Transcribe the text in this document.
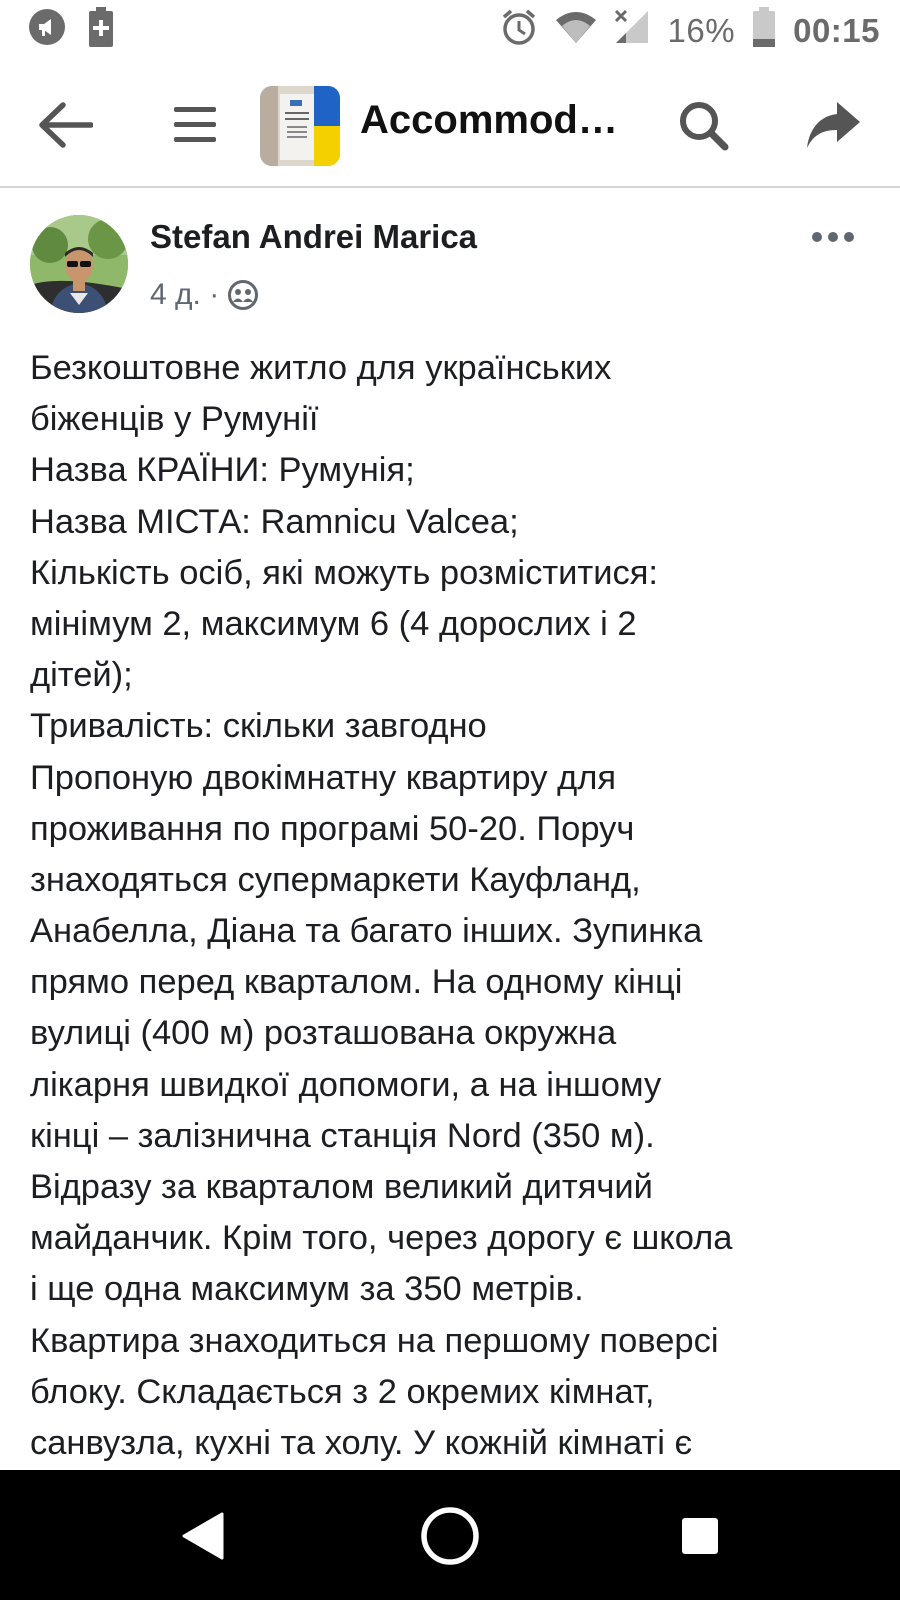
16% 00:15
Accommoda…
Stefan Andrei Marica
4 д. ·
Безкоштовне житло для українських
біженців у Румунії
Назва КРАЇНИ: Румунія;
Назва МІСТА: Ramnicu Valcea;
Кількість осіб, які можуть розміститися:
мінімум 2, максимум 6 (4 дорослих і 2
дітей);
Тривалість: скільки завгодно
Пропоную двокімнатну квартиру для
проживання по програмі 50-20. Поруч
знаходяться супермаркети Кауфланд,
Анабелла, Діана та багато інших. Зупинка
прямо перед кварталом. На одному кінці
вулиці (400 м) розташована окружна
лікарня швидкої допомоги, а на іншому
кінці – залізнична станція Nord (350 м).
Відразу за кварталом великий дитячий
майданчик. Крім того, через дорогу є школа
і ще одна максимум за 350 метрів.
Квартира знаходиться на першому поверсі
блоку. Складається з 2 окремих кімнат,
санвузла, кухні та холу. У кожній кімнаті є
